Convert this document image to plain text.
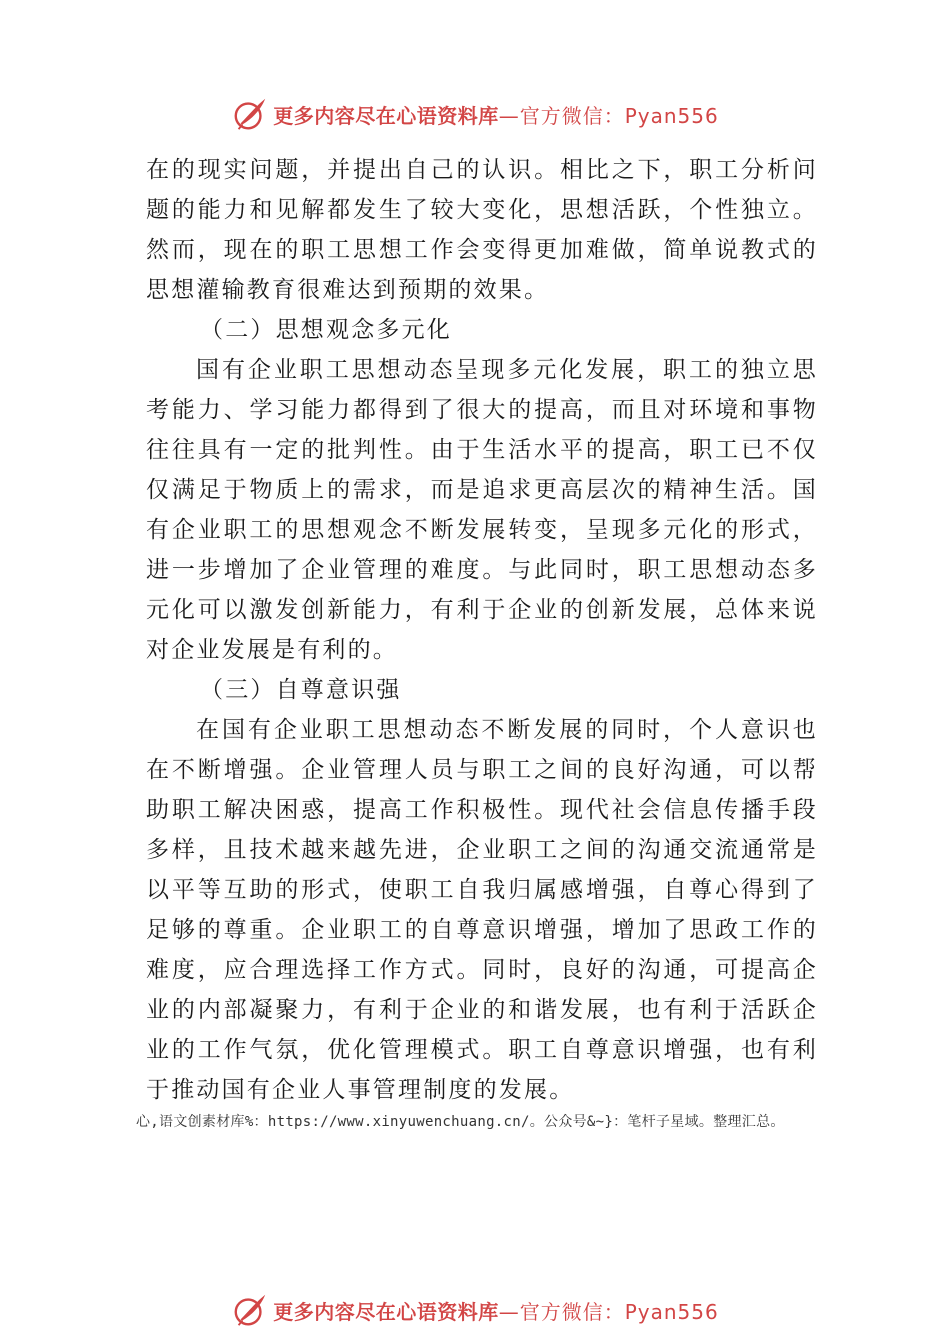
更多内容尽在心语资料库 —官方微信：Pyan556

在的现实问题，并提出自己的认识。相比之下，职工分析问题的能力和见解都发生了较大变化，思想活跃，个性独立。 然而，现在的职工思想工作会变得更加难做，简单说教式的思想灌输教育很难达到预期的效果。

（二）思想观念多元化

国有企业职工思想动态呈现多元化发展，职工的独立思考能力、学习能力都得到了很大的提高，而且对环境和事物往往具有一定的批判性。由于生活水平的提高，职工已不仅仅满足于物质上的需求，而是追求更高层次的精神生活。国有企业职工的思想观念不断发展转变，呈现多元化的形式， 进一步增加了企业管理的难度。与此同时，职工思想动态多元化可以激发创新能力，有利于企业的创新发展，总体来说对企业发展是有利的。

（三）自尊意识强

在国有企业职工思想动态不断发展的同时，个人意识也在不断增强。企业管理人员与职工之间的良好沟通，可以帮助职工解决困惑，提高工作积极性。现代社会信息传播手段多样，且技术越来越先进，企业职工之间的沟通交流通常是以平等互助的形式，使职工自我归属感增强，自尊心得到了足够的尊重。企业职工的自尊意识增强，增加了思政工作的难度，应合理选择工作方式。同时，良好的沟通，可提高企业的内部凝聚力，有利于企业的和谐发展，也有利于活跃企业的工作气氛，优化管理模式。职工自尊意识增强，也有利于推动国有企业人事管理制度的发展。

心,语文创素材库%：https://www.xinyuwenchuang.cn/。公众号&~}：笔杆子星域。整理汇总。
更多内容尽在心语资料库 —官方微信：Pyan556
